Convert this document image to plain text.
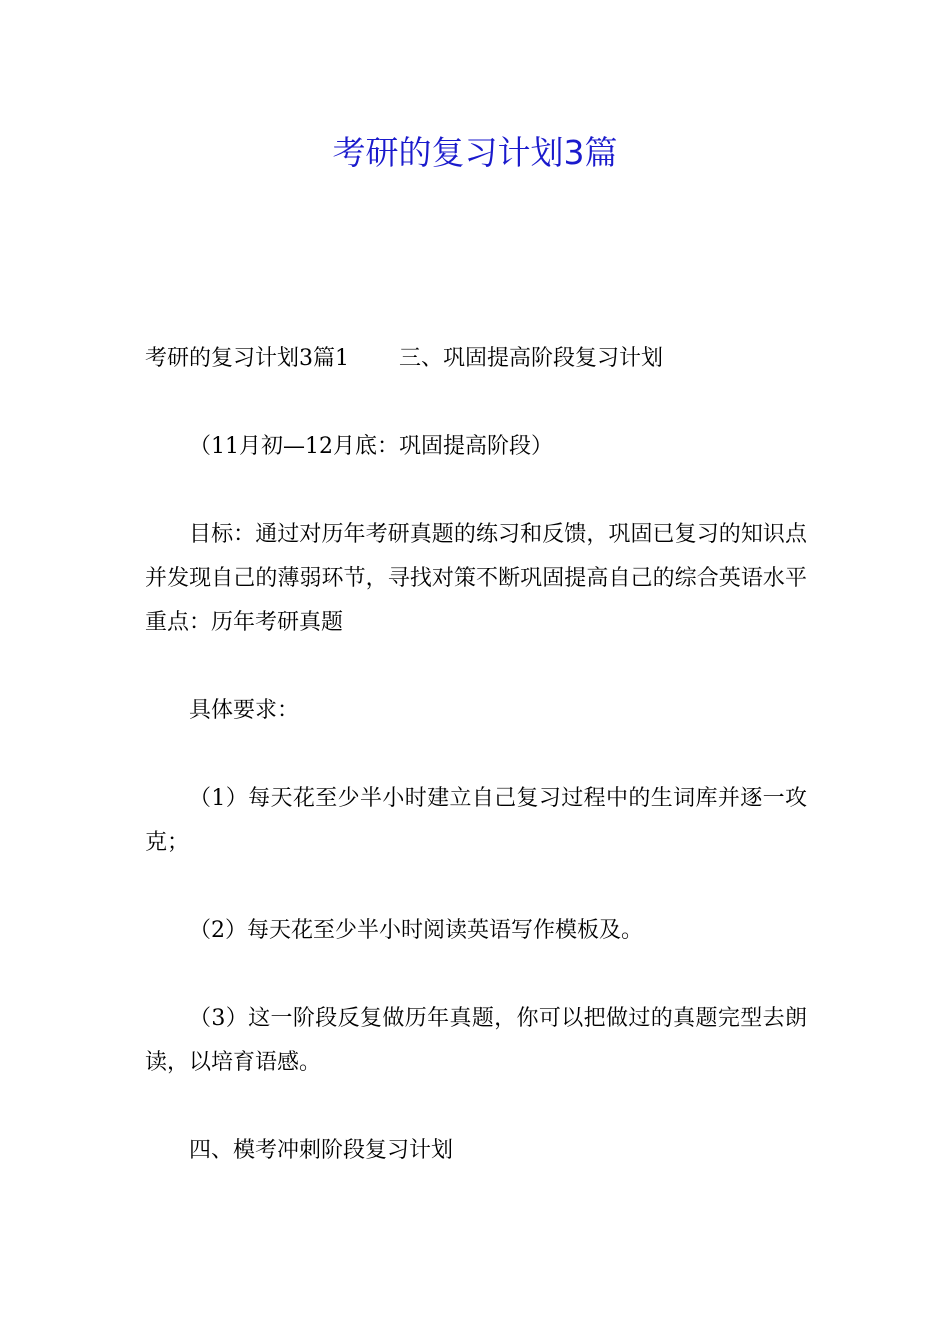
考研的复习计划3篇

考研的复习计划3篇1 三、巩固提高阶段复习计划

（11月初—12月底：巩固提高阶段）

目标：通过对历年考研真题的练习和反馈，巩固已复习的知识点并发现自己的薄弱环节，寻找对策不断巩固提高自己的综合英语水平重点：历年考研真题

具体要求：

（1）每天花至少半小时建立自己复习过程中的生词库并逐一攻克；

（2）每天花至少半小时阅读英语写作模板及。

（3）这一阶段反复做历年真题，你可以把做过的真题完型去朗读，以培育语感。

四、模考冲刺阶段复习计划
